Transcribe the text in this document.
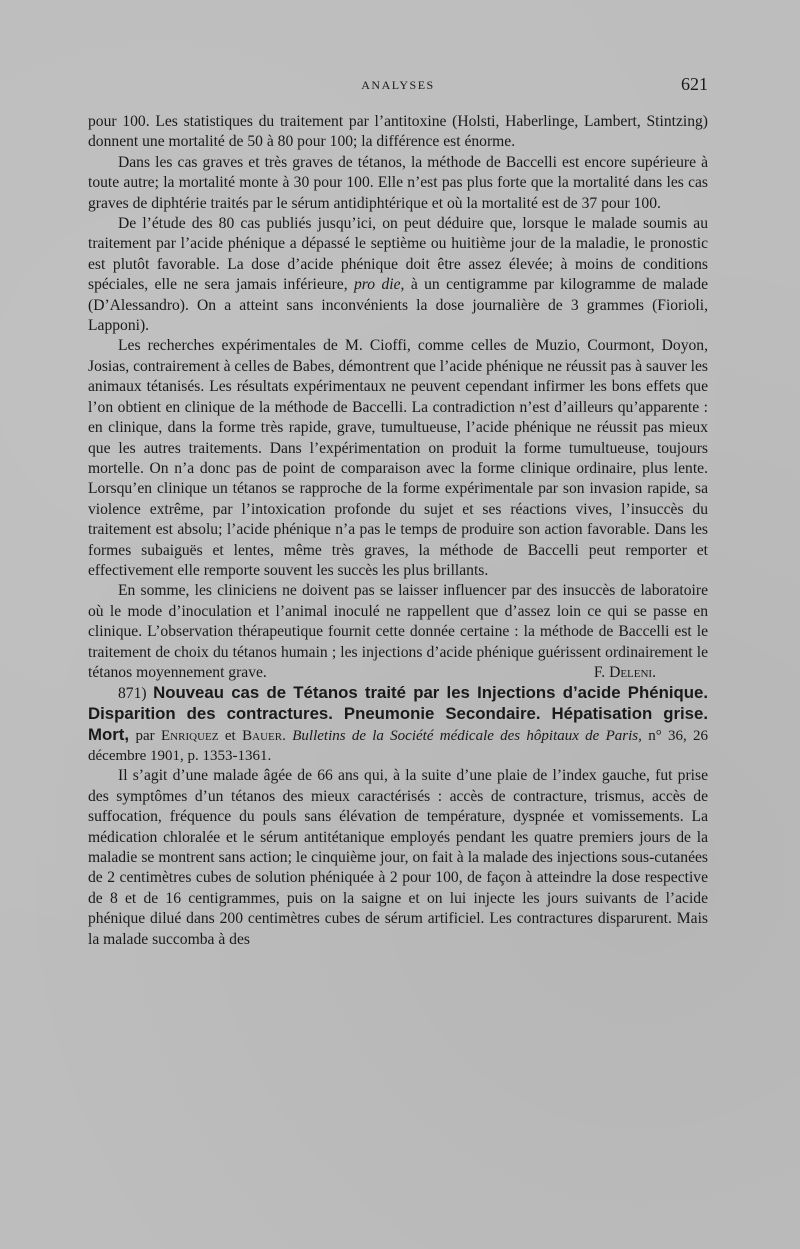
ANALYSES	621

pour 100. Les statistiques du traitement par l’antitoxine (Holsti, Haberlinge, Lambert, Stintzing) donnent une mortalité de 50 à 80 pour 100; la différence est énorme.

Dans les cas graves et très graves de tétanos, la méthode de Baccelli est encore supérieure à toute autre; la mortalité monte à 30 pour 100. Elle n’est pas plus forte que la mortalité dans les cas graves de diphtérie traités par le sérum antidiphtérique et où la mortalité est de 37 pour 100.

De l’étude des 80 cas publiés jusqu’ici, on peut déduire que, lorsque le malade soumis au traitement par l’acide phénique a dépassé le septième ou huitième jour de la maladie, le pronostic est plutôt favorable. La dose d’acide phénique doit être assez élevée; à moins de conditions spéciales, elle ne sera jamais inférieure, pro die, à un centigramme par kilogramme de malade (D’Alessandro). On a atteint sans inconvénients la dose journalière de 3 grammes (Fiorioli, Lapponi).

Les recherches expérimentales de M. Cioffi, comme celles de Muzio, Courmont, Doyon, Josias, contrairement à celles de Babes, démontrent que l’acide phénique ne réussit pas à sauver les animaux tétanisés. Les résultats expérimentaux ne peuvent cependant infirmer les bons effets que l’on obtient en clinique de la méthode de Baccelli. La contradiction n’est d’ailleurs qu’apparente : en clinique, dans la forme très rapide, grave, tumultueuse, l’acide phénique ne réussit pas mieux que les autres traitements. Dans l’expérimentation on produit la forme tumultueuse, toujours mortelle. On n’a donc pas de point de comparaison avec la forme clinique ordinaire, plus lente. Lorsqu’en clinique un tétanos se rapproche de la forme expérimentale par son invasion rapide, sa violence extrême, par l’intoxication profonde du sujet et ses réactions vives, l’insuccès du traitement est absolu; l’acide phénique n’a pas le temps de produire son action favorable. Dans les formes subaiguës et lentes, même très graves, la méthode de Baccelli peut remporter et effectivement elle remporte souvent les succès les plus brillants.

En somme, les cliniciens ne doivent pas se laisser influencer par des insuccès de laboratoire où le mode d’inoculation et l’animal inoculé ne rappellent que d’assez loin ce qui se passe en clinique. L’observation thérapeutique fournit cette donnée certaine : la méthode de Baccelli est le traitement de choix du tétanos humain ; les injections d’acide phénique guérissent ordinairement le tétanos moyennement grave.	F. Deleni.

871) Nouveau cas de Tétanos traité par les Injections d’acide Phénique. Disparition des contractures. Pneumonie Secondaire. Hépatisation grise. Mort, par Enriquez et Bauer. Bulletins de la Société médicale des hôpitaux de Paris, n° 36, 26 décembre 1901, p. 1353-1361.

Il s’agit d’une malade âgée de 66 ans qui, à la suite d’une plaie de l’index gauche, fut prise des symptômes d’un tétanos des mieux caractérisés : accès de contracture, trismus, accès de suffocation, fréquence du pouls sans élévation de température, dyspnée et vomissements. La médication chloralée et le sérum antitétanique employés pendant les quatre premiers jours de la maladie se montrent sans action; le cinquième jour, on fait à la malade des injections sous-cutanées de 2 centimètres cubes de solution phéniquée à 2 pour 100, de façon à atteindre la dose respective de 8 et de 16 centigrammes, puis on la saigne et on lui injecte les jours suivants de l’acide phénique dilué dans 200 centimètres cubes de sérum artificiel. Les contractures disparurent. Mais la malade succomba à des
